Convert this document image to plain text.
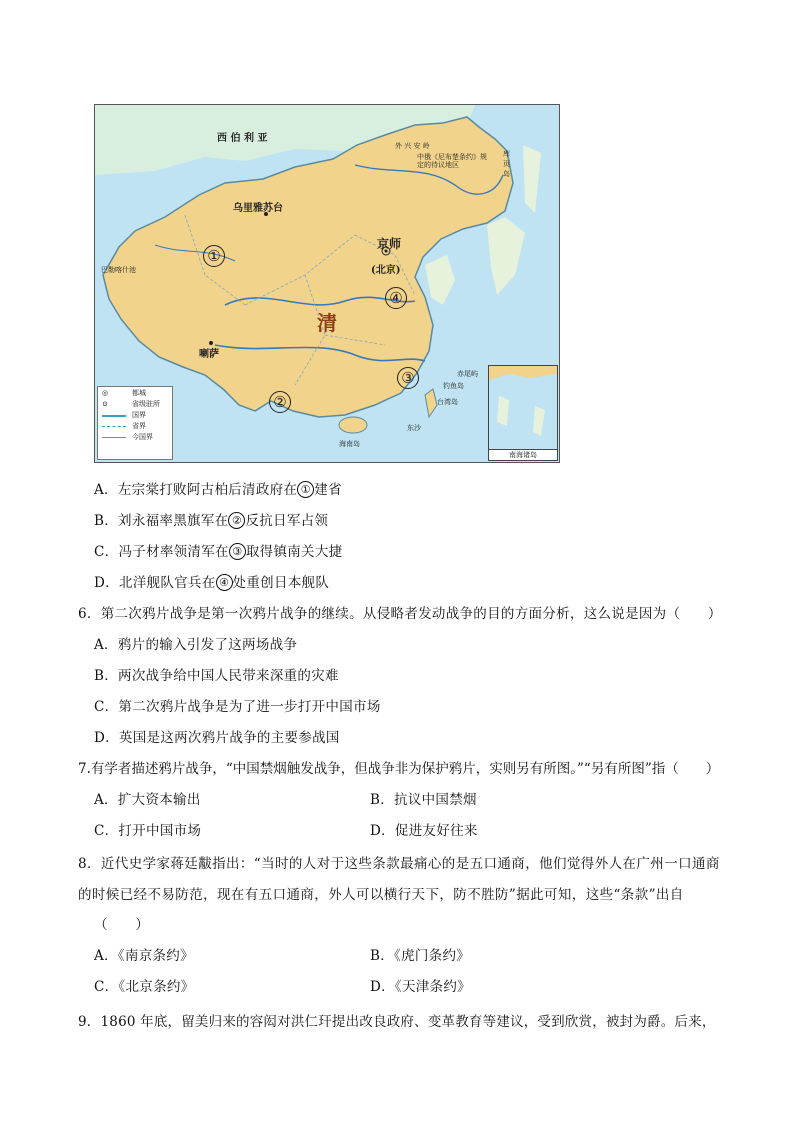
西 伯 利 亚
外 兴 安 岭
中俄《尼布楚条约》规定的待议地区
库页岛
乌里雅苏台
清
京师
(北京)
喇萨
巴勒喀什池
台湾岛
钓鱼岛
赤尾屿
海南岛
东沙
①
②
③
④
◎	都城
⊙	省级驻所
国界
省界
今国界
南海诸岛
A．左宗棠打败阿古柏后清政府在 ① 建省
B．刘永福率黑旗军在 ② 反抗日军占领
C．冯子材率领清军在 ③ 取得镇南关大捷
D．北洋舰队官兵在 ④ 处重创日本舰队
6．第二次鸦片战争是第一次鸦片战争的继续。从侵略者发动战争的目的方面分析，这么说是因为（　　）
A．鸦片的输入引发了这两场战争
B．两次战争给中国人民带来深重的灾难
C．第二次鸦片战争是为了进一步打开中国市场
D．英国是这两次鸦片战争的主要参战国
7.有学者描述鸦片战争，“中国禁烟触发战争，但战争非为保护鸦片，实则另有所图。”“另有所图”指（　　）
A．扩大资本输出	B．抗议中国禁烟
C．打开中国市场	D．促进友好往来
8．近代史学家蒋廷黻指出：“当时的人对于这些条款最痛心的是五口通商，他们觉得外人在广州一口通商
的时候已经不易防范，现在有五口通商，外人可以横行天下，防不胜防”据此可知，这些“条款”出自
（　　）
A．《南京条约》	B．《虎门条约》
C．《北京条约》	D．《天津条约》
9．1860 年底，留美归来的容闳对洪仁玕提出改良政府、变革教育等建议，受到欣赏，被封为爵。后来，
